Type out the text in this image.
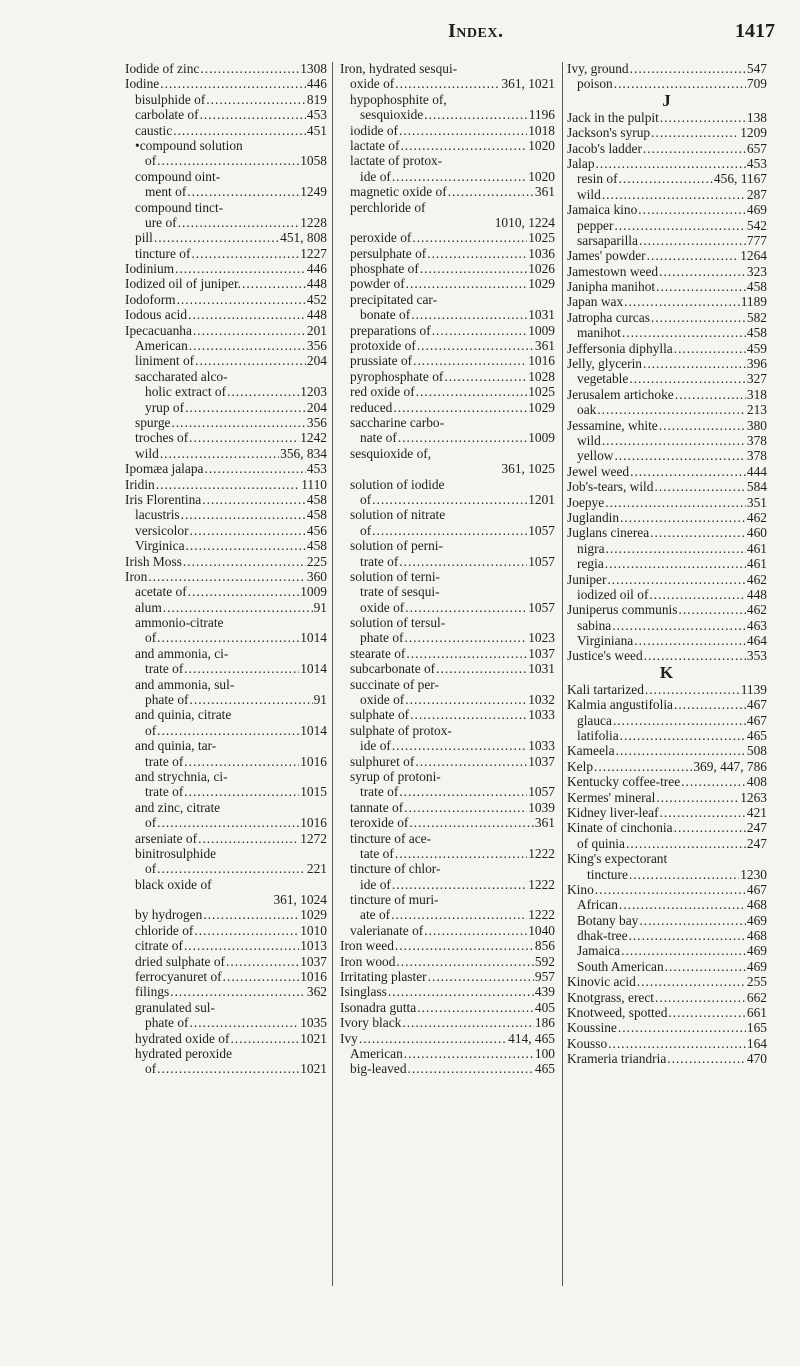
Index.	1417
Iodide of zinc .....	1308
Iodine .....	446
bisulphide of .....	819
carbolate of .....	453
caustic .....	451
•compound solution
of .....	1058
compound oint-
ment of .....	1249
compound tinct-
ure of .....	1228
pill .....	451, 808
tincture of .....	1227
Iodinium .....	446
Iodized oil of juniper. .....	448
Iodoform .....	452
Iodous acid .....	448
Ipecacuanha .....	201
American .....	356
liniment of .....	204
saccharated alco-
holic extract of .....	1203
yrup of .....	204
spurge .....	356
troches of .....	1242
wild .....	356, 834
Ipomæa jalapa .....	453
Iridin .....	1110
Iris Florentina .....	458
lacustris .....	458
versicolor .....	456
Virginica .....	458
Irish Moss .....	225
Iron .....	360
acetate of .....	1009
alum .....	91
ammonio-citrate
of .....	1014
and ammonia, ci-
trate of .....	1014
and ammonia, sul-
phate of .....	91
and quinia, citrate
of .....	1014
and quinia, tar-
trate of .....	1016
and strychnia, ci-
trate of .....	1015
and zinc, citrate
of .....	1016
arseniate of .....	1272
binitrosulphide
of .....	221
black oxide of
361, 1024
by hydrogen .....	1029
chloride of .....	1010
citrate of .....	1013
dried sulphate of .....	1037
ferrocyanuret of .....	1016
filings .....	362
granulated sul-
phate of .....	1035
hydrated oxide of .....	1021
hydrated peroxide
of .....	1021
Iron, hydrated sesqui-
oxide of .....	361, 1021
hypophosphite of,
sesquioxide .....	1196
iodide of .....	1018
lactate of .....	1020
lactate of protox-
ide of .....	1020
magnetic oxide of .....	361
perchloride of
1010, 1224
peroxide of .....	1025
persulphate of .....	1036
phosphate of .....	1026
powder of .....	1029
precipitated car-
bonate of .....	1031
preparations of .....	1009
protoxide of .....	361
prussiate of .....	1016
pyrophosphate of .....	1028
red oxide of .....	1025
reduced .....	1029
saccharine carbo-
nate of .....	1009
sesquioxide of,
361, 1025
solution of iodide
of .....	1201
solution of nitrate
of .....	1057
solution of perni-
trate of .....	1057
solution of terni-
trate of sesqui-
oxide of .....	1057
solution of tersul-
phate of .....	1023
stearate of .....	1037
subcarbonate of .....	1031
succinate of per-
oxide of .....	1032
sulphate of .....	1033
sulphate of protox-
ide of .....	1033
sulphuret of .....	1037
syrup of protoni-
trate of .....	1057
tannate of .....	1039
teroxide of .....	361
tincture of ace-
tate of .....	1222
tincture of chlor-
ide of .....	1222
tincture of muri-
ate of .....	1222
valerianate of .....	1040
Iron weed .....	856
Iron wood .....	592
Irritating plaster .....	957
Isinglass .....	439
Isonadra gutta .....	405
Ivory black .....	186
Ivy .....	414, 465
American .....	100
big-leaved .....	465
Ivy, ground .....	547
poison .....	709
J
Jack in the pulpit .....	138
Jackson's syrup .....	1209
Jacob's ladder .....	657
Jalap .....	453
resin of .....	456, 1167
wild .....	287
Jamaica kino .....	469
pepper .....	542
sarsaparilla .....	777
James' powder .....	1264
Jamestown weed .....	323
Janipha manihot .....	458
Japan wax .....	1189
Jatropha curcas .....	582
manihot .....	458
Jeffersonia diphylla .....	459
Jelly, glycerin .....	396
vegetable .....	327
Jerusalem artichoke .....	318
oak .....	213
Jessamine, white .....	380
wild .....	378
yellow .....	378
Jewel weed .....	444
Job's-tears, wild .....	584
Joepye .....	351
Juglandin .....	462
Juglans cinerea .....	460
nigra .....	461
regia .....	461
Juniper .....	462
iodized oil of .....	448
Juniperus communis .....	462
sabina .....	463
Virginiana .....	464
Justice's weed .....	353
K
Kali tartarized .....	1139
Kalmia angustifolia .....	467
glauca .....	467
latifolia .....	465
Kameela .....	508
Kelp .....	369, 447, 786
Kentucky coffee-tree .....	408
Kermes' mineral .....	1263
Kidney liver-leaf .....	421
Kinate of cinchonia .....	247
of quinia .....	247
King's expectorant
tincture .....	1230
Kino .....	467
African .....	468
Botany bay .....	469
dhak-tree .....	468
Jamaica .....	469
South American .....	469
Kinovic acid .....	255
Knotgrass, erect .....	662
Knotweed, spotted .....	661
Koussine .....	165
Kousso .....	164
Krameria triandria .....	470
